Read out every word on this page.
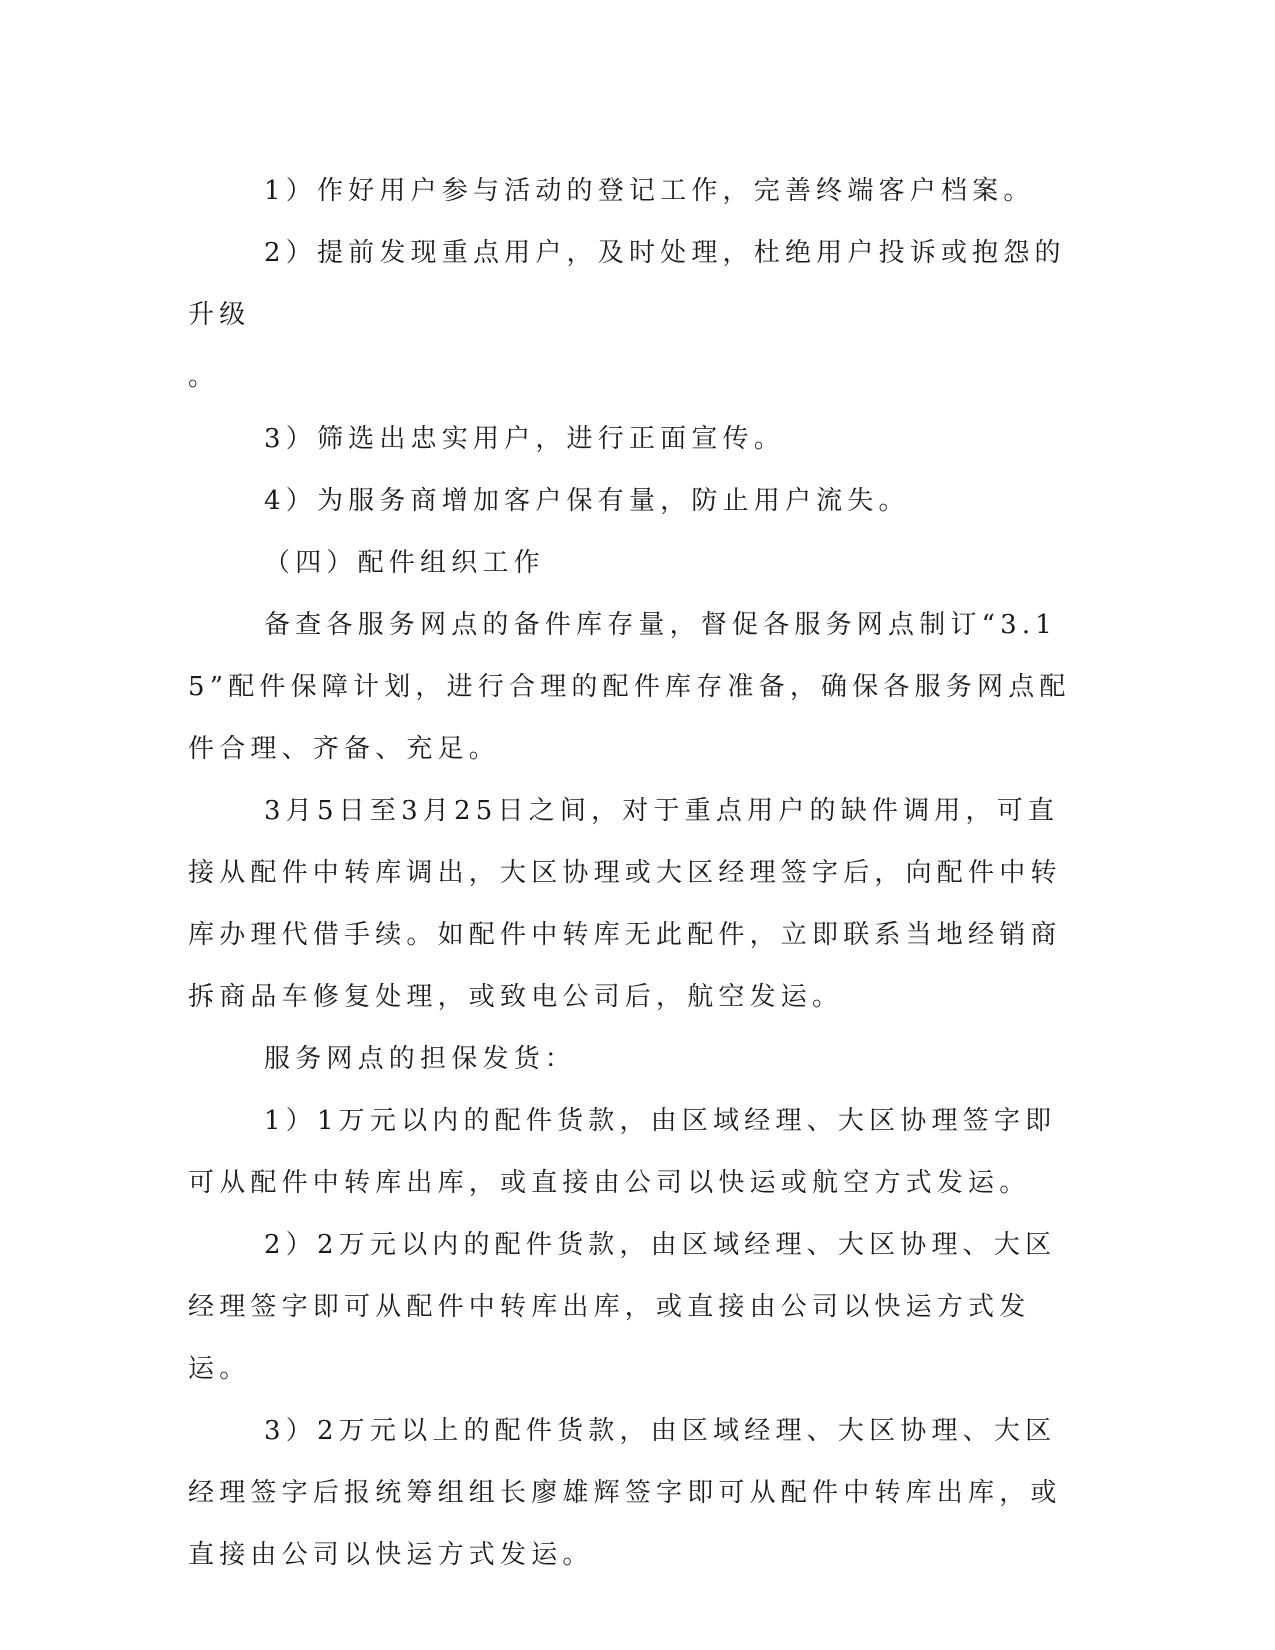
1）作好用户参与活动的登记工作，完善终端客户档案。

2）提前发现重点用户，及时处理，杜绝用户投诉或抱怨的升级

。

3）筛选出忠实用户，进行正面宣传。

4）为服务商增加客户保有量，防止用户流失。

（四）配件组织工作

备查各服务网点的备件库存量，督促各服务网点制订“3.15”配件保障计划，进行合理的配件库存准备，确保各服务网点配件合理、齐备、充足。

3月5日至3月25日之间，对于重点用户的缺件调用，可直接从配件中转库调出，大区协理或大区经理签字后，向配件中转库办理代借手续。如配件中转库无此配件，立即联系当地经销商拆商品车修复处理，或致电公司后，航空发运。

服务网点的担保发货：

1）1万元以内的配件货款，由区域经理、大区协理签字即可从配件中转库出库，或直接由公司以快运或航空方式发运。

2）2万元以内的配件货款，由区域经理、大区协理、大区经理签字即可从配件中转库出库，或直接由公司以快运方式发运。

3）2万元以上的配件货款，由区域经理、大区协理、大区经理签字后报统筹组组长廖雄辉签字即可从配件中转库出库，或直接由公司以快运方式发运。
